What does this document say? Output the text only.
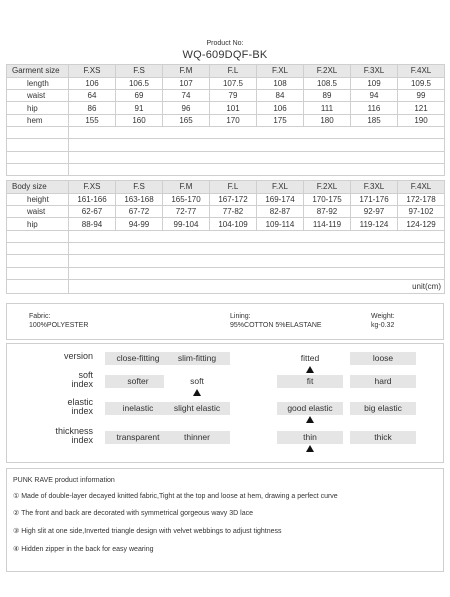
Product No:
WQ-609DQF-BK
Garment size	F.XS	F.S	F.M	F.L	F.XL	F.2XL	F.3XL	F.4XL
length	106	106.5	107	107.5	108	108.5	109	109.5
waist	64	69	74	79	84	89	94	99
hip	86	91	96	101	106	111	116	121
hem	155	160	165	170	175	180	185	190

Body size	F.XS	F.S	F.M	F.L	F.XL	F.2XL	F.3XL	F.4XL
height	161-166	163-168	165-170	167-172	169-174	170-175	171-176	172-178
waist	62-67	67-72	72-77	77-82	82-87	87-92	92-97	97-102
hip	88-94	94-99	99-104	104-109	109-114	114-119	119-124	124-129

	unit(cm)							
Fabric:
100%POLYESTER
Lining:
95%COTTON 5%ELASTANE
Weight:
kg-0.32
version	close-fitting	slim-fitting	fitted	loose
soft
index	softer	soft	fit	hard
elastic
index	inelastic	slight elastic	good elastic	big elastic
thickness
index	transparent	thinner	thin	thick
PUNK RAVE product information
① Made of double-layer decayed knitted fabric,Tight at the top and loose at hem, drawing a perfect curve
② The front and back are decorated with symmetrical gorgeous wavy 3D lace
③ High slit at one side,Inverted triangle design with velvet webbings to adjust tightness
④ Hidden zipper in the back for easy wearing
